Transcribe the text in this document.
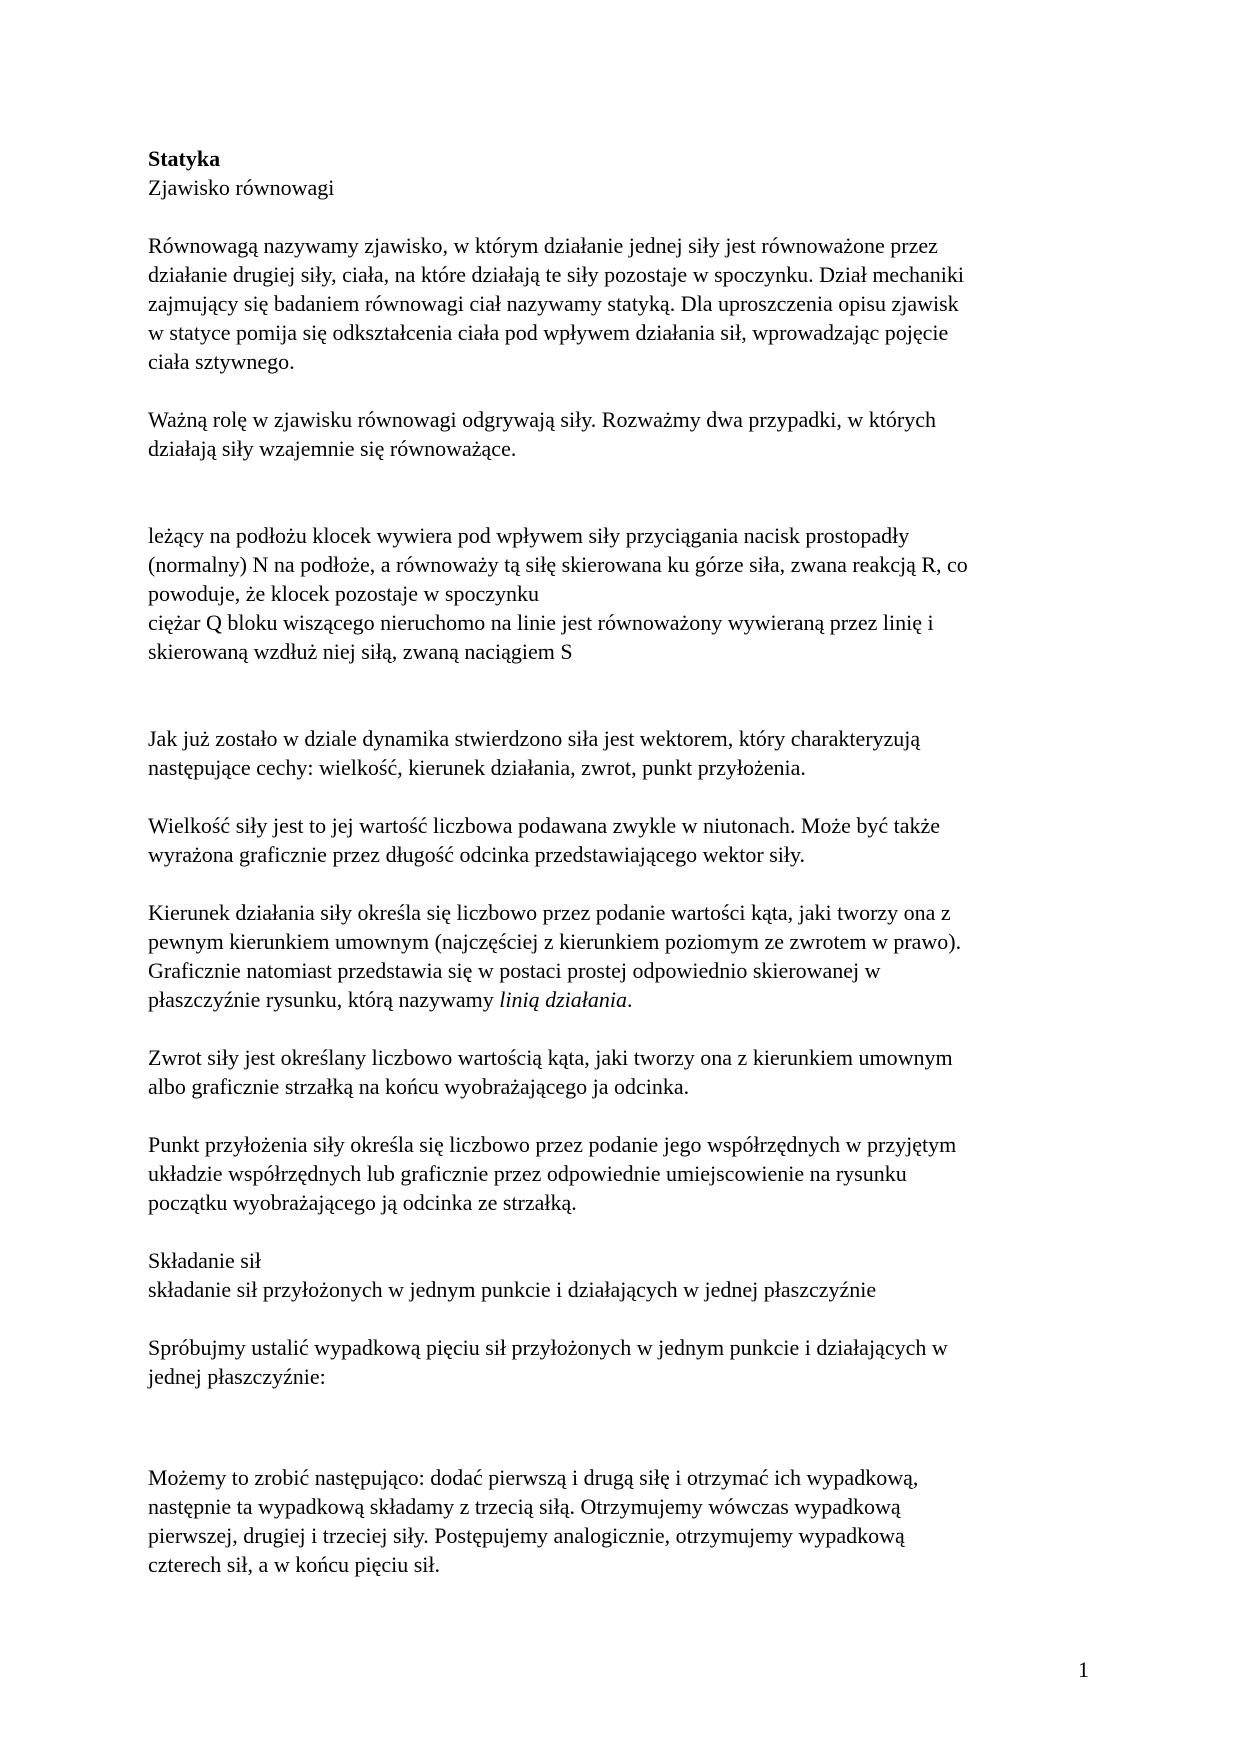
Statyka
Zjawisko równowagi
Równowagą nazywamy zjawisko, w którym działanie jednej siły jest równoważone przez
działanie drugiej siły, ciała, na które działają te siły pozostaje w spoczynku. Dział mechaniki
zajmujący się badaniem równowagi ciał nazywamy statyką. Dla uproszczenia opisu zjawisk
w statyce pomija się odkształcenia ciała pod wpływem działania sił, wprowadzając pojęcie
ciała sztywnego.
Ważną rolę w zjawisku równowagi odgrywają siły. Rozważmy dwa przypadki, w których
działają siły wzajemnie się równoważące.
leżący na podłożu klocek wywiera pod wpływem siły przyciągania nacisk prostopadły
(normalny) N na podłoże, a równoważy tą siłę skierowana ku górze siła, zwana reakcją R, co
powoduje, że klocek pozostaje w spoczynku
ciężar Q bloku wiszącego nieruchomo na linie jest równoważony wywieraną przez linię i
skierowaną wzdłuż niej siłą, zwaną naciągiem S
Jak już zostało w dziale dynamika stwierdzono siła jest wektorem, który charakteryzują
następujące cechy: wielkość, kierunek działania, zwrot, punkt przyłożenia.
Wielkość siły jest to jej wartość liczbowa podawana zwykle w niutonach. Może być także
wyrażona graficznie przez długość odcinka przedstawiającego wektor siły.
Kierunek działania siły określa się liczbowo przez podanie wartości kąta, jaki tworzy ona z
pewnym kierunkiem umownym (najczęściej z kierunkiem poziomym ze zwrotem w prawo).
Graficznie natomiast przedstawia się w postaci prostej odpowiednio skierowanej w
płaszczyźnie rysunku, którą nazywamy linią działania.
Zwrot siły jest określany liczbowo wartością kąta, jaki tworzy ona z kierunkiem umownym
albo graficznie strzałką na końcu wyobrażającego ja odcinka.
Punkt przyłożenia siły określa się liczbowo przez podanie jego współrzędnych w przyjętym
układzie współrzędnych lub graficznie przez odpowiednie umiejscowienie na rysunku
początku wyobrażającego ją odcinka ze strzałką.
Składanie sił
składanie sił przyłożonych w jednym punkcie i działających w jednej płaszczyźnie
Spróbujmy ustalić wypadkową pięciu sił przyłożonych w jednym punkcie i działających w
jednej płaszczyźnie:
Możemy to zrobić następująco: dodać pierwszą i drugą siłę i otrzymać ich wypadkową,
następnie ta wypadkową składamy z trzecią siłą. Otrzymujemy wówczas wypadkową
pierwszej, drugiej i trzeciej siły. Postępujemy analogicznie, otrzymujemy wypadkową
czterech sił, a w końcu pięciu sił.
1
